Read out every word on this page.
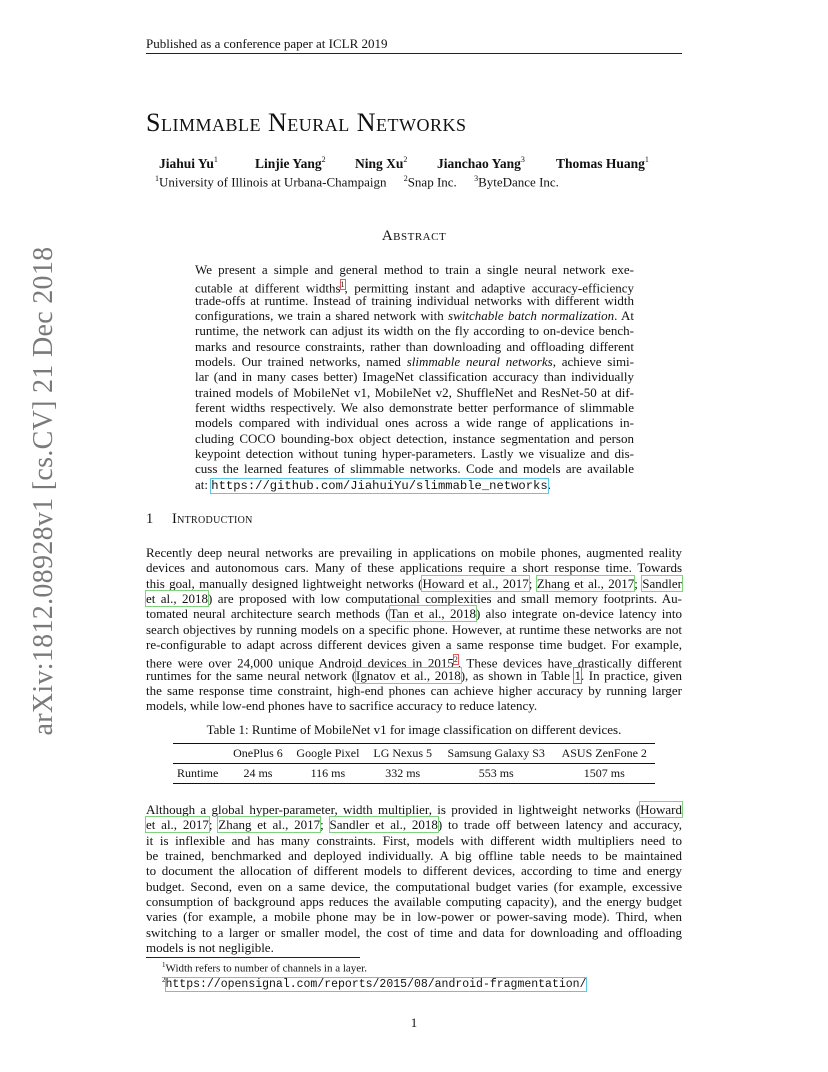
Published as a conference paper at ICLR 2019
arXiv:1812.08928v1 [cs.CV] 21 Dec 2018
Slimmable Neural Networks
Jiahui Yu$^1$	Linjie Yang$^2$ Ning Xu$^2$ Jianchao Yang$^3$ Thomas Huang$^1$
$^1$University of Illinois at Urbana-Champaign $^2$Snap Inc. $^3$ByteDance Inc.
Abstract
We present a simple and general method to train a single neural network exe-
cutable at different widths$^1$, permitting instant and adaptive accuracy-efficiency
trade-offs at runtime. Instead of training individual networks with different width
configurations, we train a shared network with switchable batch normalization. At
runtime, the network can adjust its width on the fly according to on-device bench-
marks and resource constraints, rather than downloading and offloading different
models. Our trained networks, named slimmable neural networks, achieve simi-
lar (and in many cases better) ImageNet classification accuracy than individually
trained models of MobileNet v1, MobileNet v2, ShuffleNet and ResNet-50 at dif-
ferent widths respectively. We also demonstrate better performance of slimmable
models compared with individual ones across a wide range of applications in-
cluding COCO bounding-box object detection, instance segmentation and person
keypoint detection without tuning hyper-parameters. Lastly we visualize and dis-
cuss the learned features of slimmable networks. Code and models are available
at: https://github.com/JiahuiYu/slimmable_networks.
1 Introduction
Recently deep neural networks are prevailing in applications on mobile phones, augmented reality
devices and autonomous cars. Many of these applications require a short response time. Towards
this goal, manually designed lightweight networks (Howard et al., 2017; Zhang et al., 2017; Sandler
et al., 2018) are proposed with low computational complexities and small memory footprints. Au-
tomated neural architecture search methods (Tan et al., 2018) also integrate on-device latency into
search objectives by running models on a specific phone. However, at runtime these networks are not
re-configurable to adapt across different devices given a same response time budget. For example,
there were over 24,000 unique Android devices in 2015$^2$. These devices have drastically different
runtimes for the same neural network (Ignatov et al., 2018), as shown in Table 1. In practice, given
the same response time constraint, high-end phones can achieve higher accuracy by running larger
models, while low-end phones have to sacrifice accuracy to reduce latency.
Table 1: Runtime of MobileNet v1 for image classification on different devices.
	OnePlus 6	Google Pixel	LG Nexus 5	Samsung Galaxy S3	ASUS ZenFone 2
Runtime	24 ms	116 ms	332 ms	553 ms	1507 ms
Although a global hyper-parameter, width multiplier, is provided in lightweight networks (Howard
et al., 2017; Zhang et al., 2017; Sandler et al., 2018) to trade off between latency and accuracy,
it is inflexible and has many constraints. First, models with different width multipliers need to
be trained, benchmarked and deployed individually. A big offline table needs to be maintained
to document the allocation of different models to different devices, according to time and energy
budget. Second, even on a same device, the computational budget varies (for example, excessive
consumption of background apps reduces the available computing capacity), and the energy budget
varies (for example, a mobile phone may be in low-power or power-saving mode). Third, when
switching to a larger or smaller model, the cost of time and data for downloading and offloading
models is not negligible.
$^1$Width refers to number of channels in a layer.
$^2$https://opensignal.com/reports/2015/08/android-fragmentation/
1
